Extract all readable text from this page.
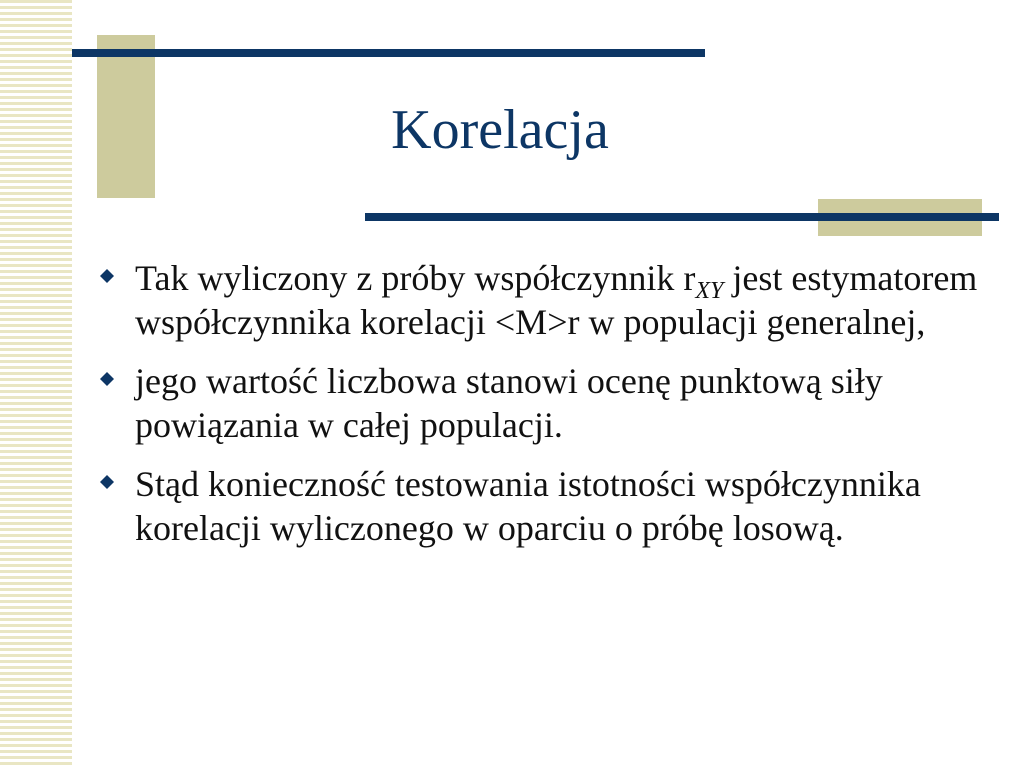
Korelacja
Tak wyliczony z próby współczynnik $r_{XY}$ jest estymatorem współczynnika korelacji <M>r w populacji generalnej,
jego wartość liczbowa stanowi ocenę punktową siły powiązania w całej populacji.
Stąd konieczność testowania istotności współczynnika korelacji wyliczonego w oparciu o próbę losową.
